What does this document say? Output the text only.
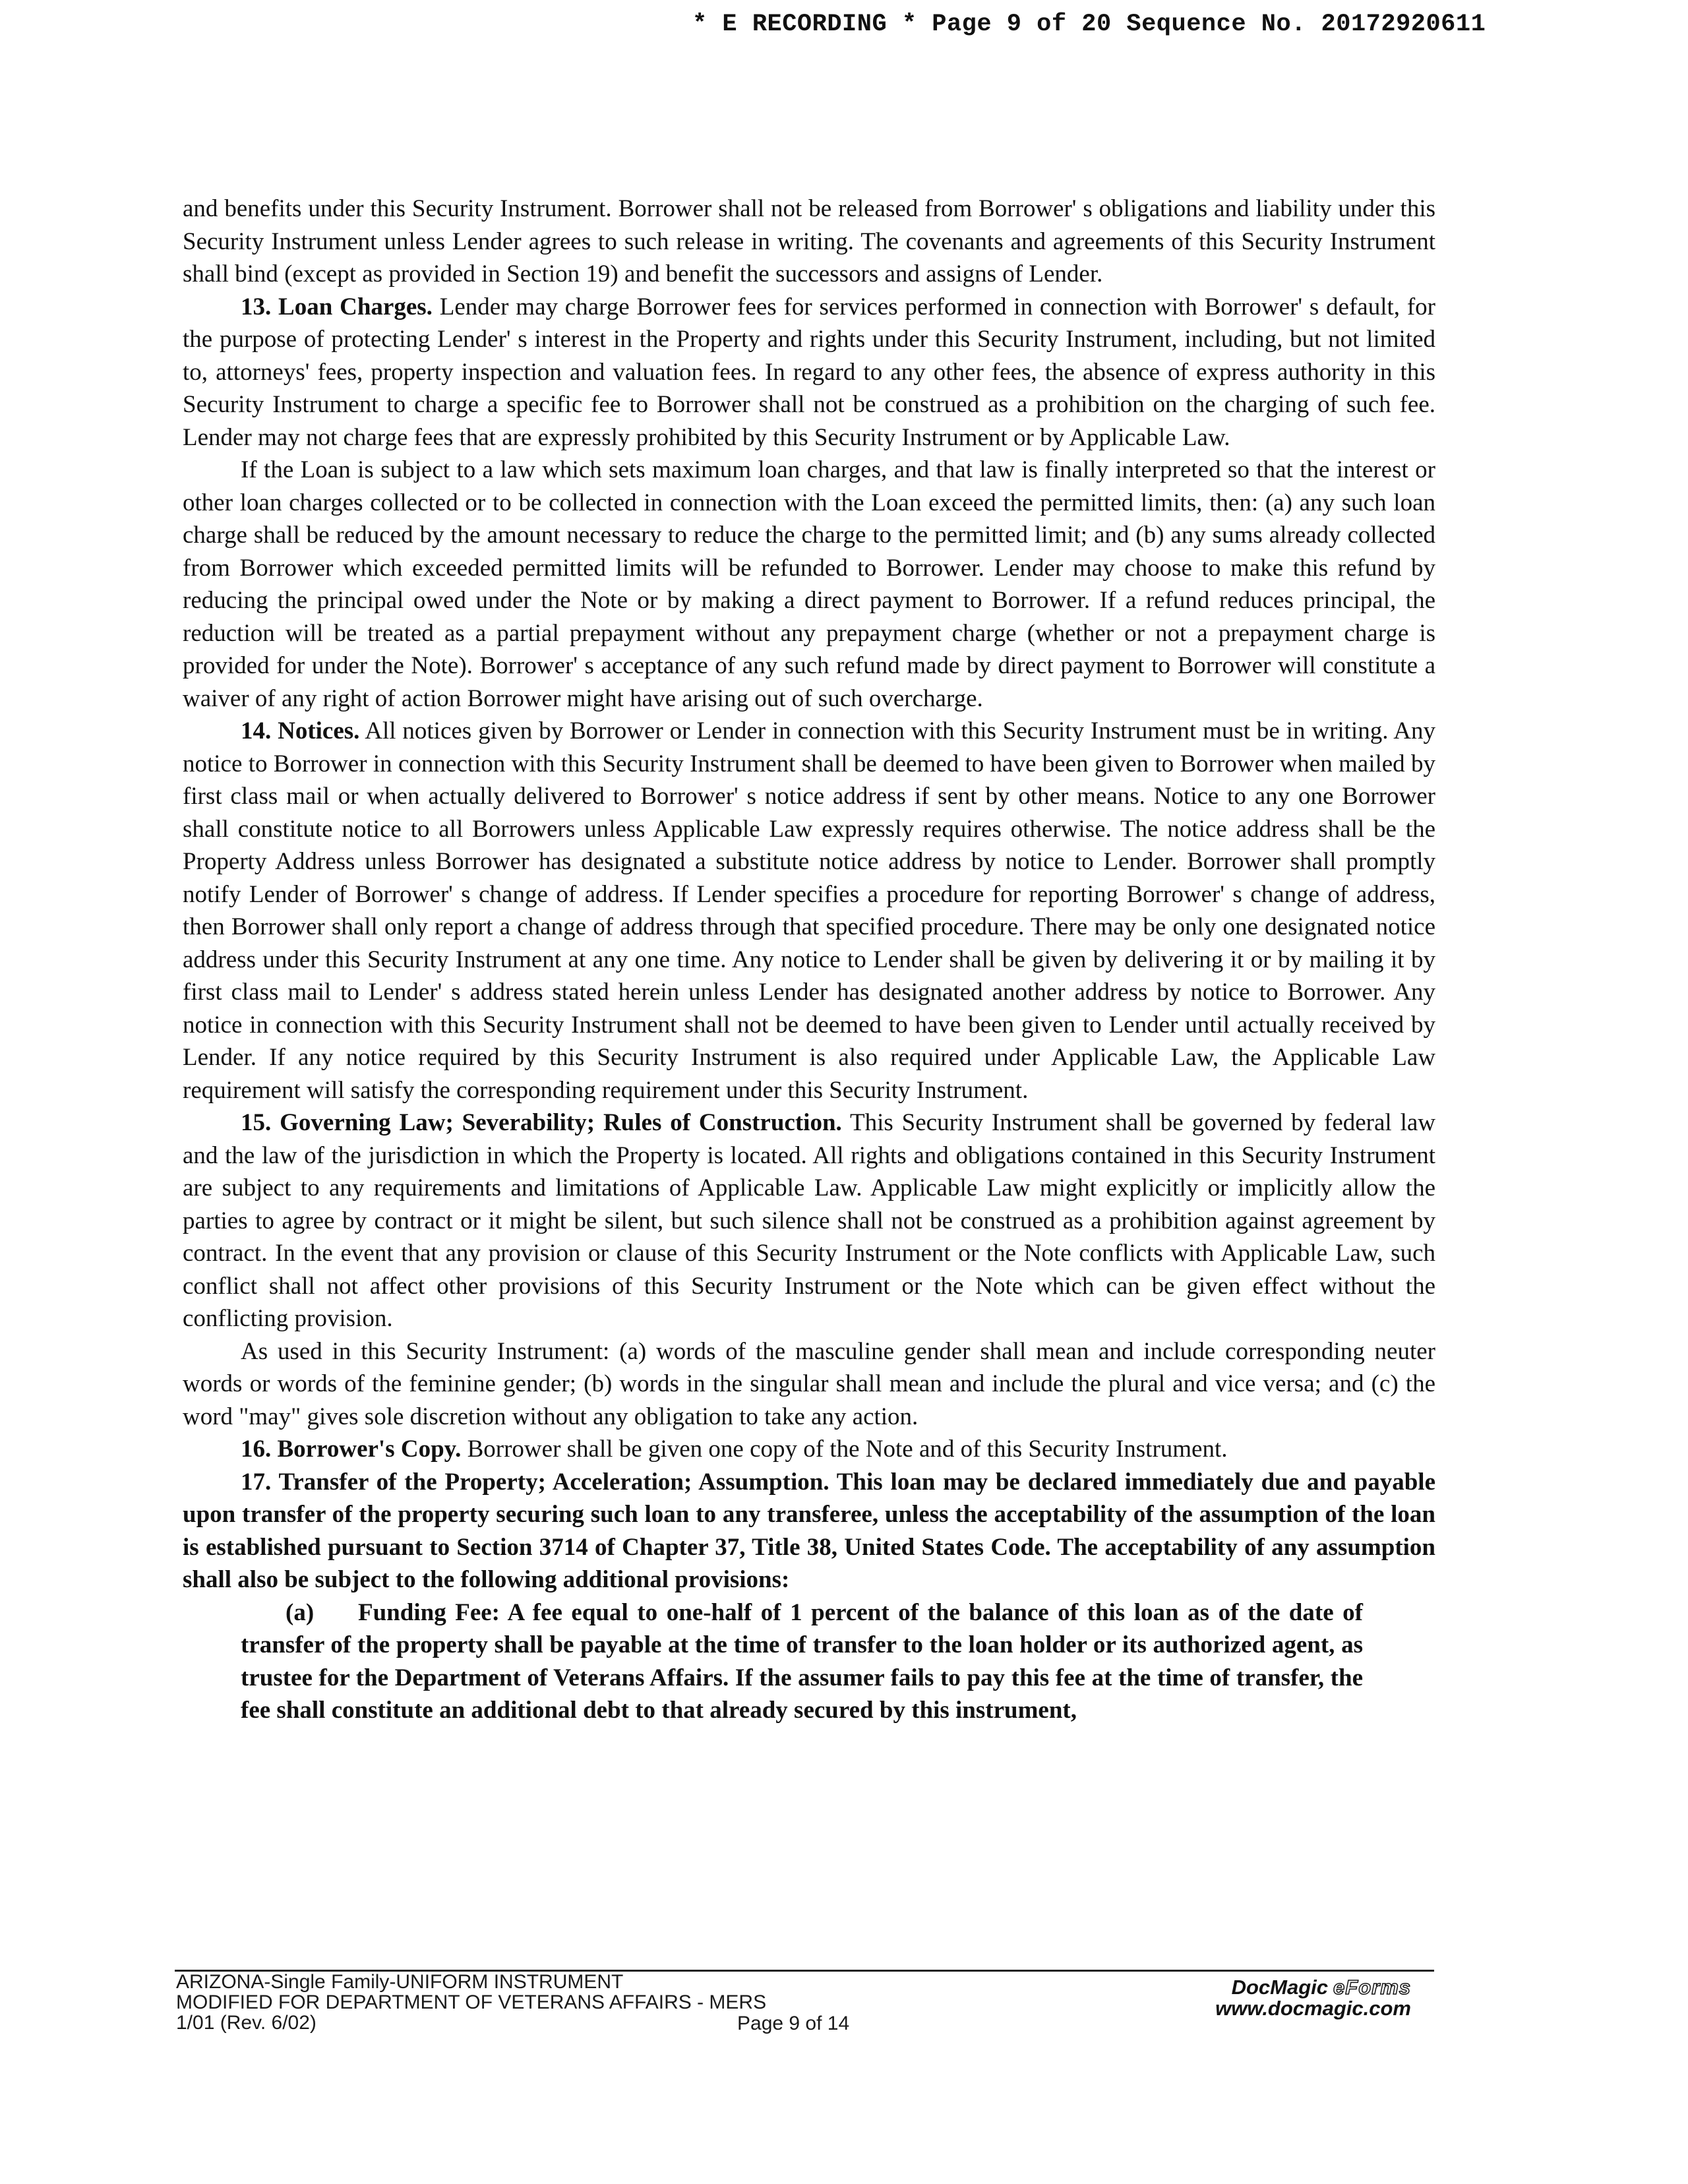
* E RECORDING * Page 9 of 20 Sequence No. 20172920611

and benefits under this Security Instrument. Borrower shall not be released from Borrower' s obligations and liability under this Security Instrument unless Lender agrees to such release in writing. The covenants and agreements of this Security Instrument shall bind (except as provided in Section 19) and benefit the successors and assigns of Lender.

13. Loan Charges. Lender may charge Borrower fees for services performed in connection with Borrower' s default, for the purpose of protecting Lender' s interest in the Property and rights under this Security Instrument, including, but not limited to, attorneys' fees, property inspection and valuation fees. In regard to any other fees, the absence of express authority in this Security Instrument to charge a specific fee to Borrower shall not be construed as a prohibition on the charging of such fee. Lender may not charge fees that are expressly prohibited by this Security Instrument or by Applicable Law.

If the Loan is subject to a law which sets maximum loan charges, and that law is finally interpreted so that the interest or other loan charges collected or to be collected in connection with the Loan exceed the permitted limits, then: (a) any such loan charge shall be reduced by the amount necessary to reduce the charge to the permitted limit; and (b) any sums already collected from Borrower which exceeded permitted limits will be refunded to Borrower. Lender may choose to make this refund by reducing the principal owed under the Note or by making a direct payment to Borrower. If a refund reduces principal, the reduction will be treated as a partial prepayment without any prepayment charge (whether or not a prepayment charge is provided for under the Note). Borrower' s acceptance of any such refund made by direct payment to Borrower will constitute a waiver of any right of action Borrower might have arising out of such overcharge.

14. Notices. All notices given by Borrower or Lender in connection with this Security Instrument must be in writing. Any notice to Borrower in connection with this Security Instrument shall be deemed to have been given to Borrower when mailed by first class mail or when actually delivered to Borrower' s notice address if sent by other means. Notice to any one Borrower shall constitute notice to all Borrowers unless Applicable Law expressly requires otherwise. The notice address shall be the Property Address unless Borrower has designated a substitute notice address by notice to Lender. Borrower shall promptly notify Lender of Borrower' s change of address. If Lender specifies a procedure for reporting Borrower' s change of address, then Borrower shall only report a change of address through that specified procedure. There may be only one designated notice address under this Security Instrument at any one time. Any notice to Lender shall be given by delivering it or by mailing it by first class mail to Lender' s address stated herein unless Lender has designated another address by notice to Borrower. Any notice in connection with this Security Instrument shall not be deemed to have been given to Lender until actually received by Lender. If any notice required by this Security Instrument is also required under Applicable Law, the Applicable Law requirement will satisfy the corresponding requirement under this Security Instrument.

15. Governing Law; Severability; Rules of Construction. This Security Instrument shall be governed by federal law and the law of the jurisdiction in which the Property is located. All rights and obligations contained in this Security Instrument are subject to any requirements and limitations of Applicable Law. Applicable Law might explicitly or implicitly allow the parties to agree by contract or it might be silent, but such silence shall not be construed as a prohibition against agreement by contract. In the event that any provision or clause of this Security Instrument or the Note conflicts with Applicable Law, such conflict shall not affect other provisions of this Security Instrument or the Note which can be given effect without the conflicting provision.

As used in this Security Instrument: (a) words of the masculine gender shall mean and include corresponding neuter words or words of the feminine gender; (b) words in the singular shall mean and include the plural and vice versa; and (c) the word "may" gives sole discretion without any obligation to take any action.

16. Borrower's Copy. Borrower shall be given one copy of the Note and of this Security Instrument.

17. Transfer of the Property; Acceleration; Assumption. This loan may be declared immediately due and payable upon transfer of the property securing such loan to any transferee, unless the acceptability of the assumption of the loan is established pursuant to Section 3714 of Chapter 37, Title 38, United States Code. The acceptability of any assumption shall also be subject to the following additional provisions:

(a) Funding Fee: A fee equal to one-half of 1 percent of the balance of this loan as of the date of transfer of the property shall be payable at the time of transfer to the loan holder or its authorized agent, as trustee for the Department of Veterans Affairs. If the assumer fails to pay this fee at the time of transfer, the fee shall constitute an additional debt to that already secured by this instrument,

ARIZONA-Single Family-UNIFORM INSTRUMENT
MODIFIED FOR DEPARTMENT OF VETERANS AFFAIRS - MERS
1/01 (Rev. 6/02)	Page 9 of 14
DocMagic eForms
www.docmagic.com
